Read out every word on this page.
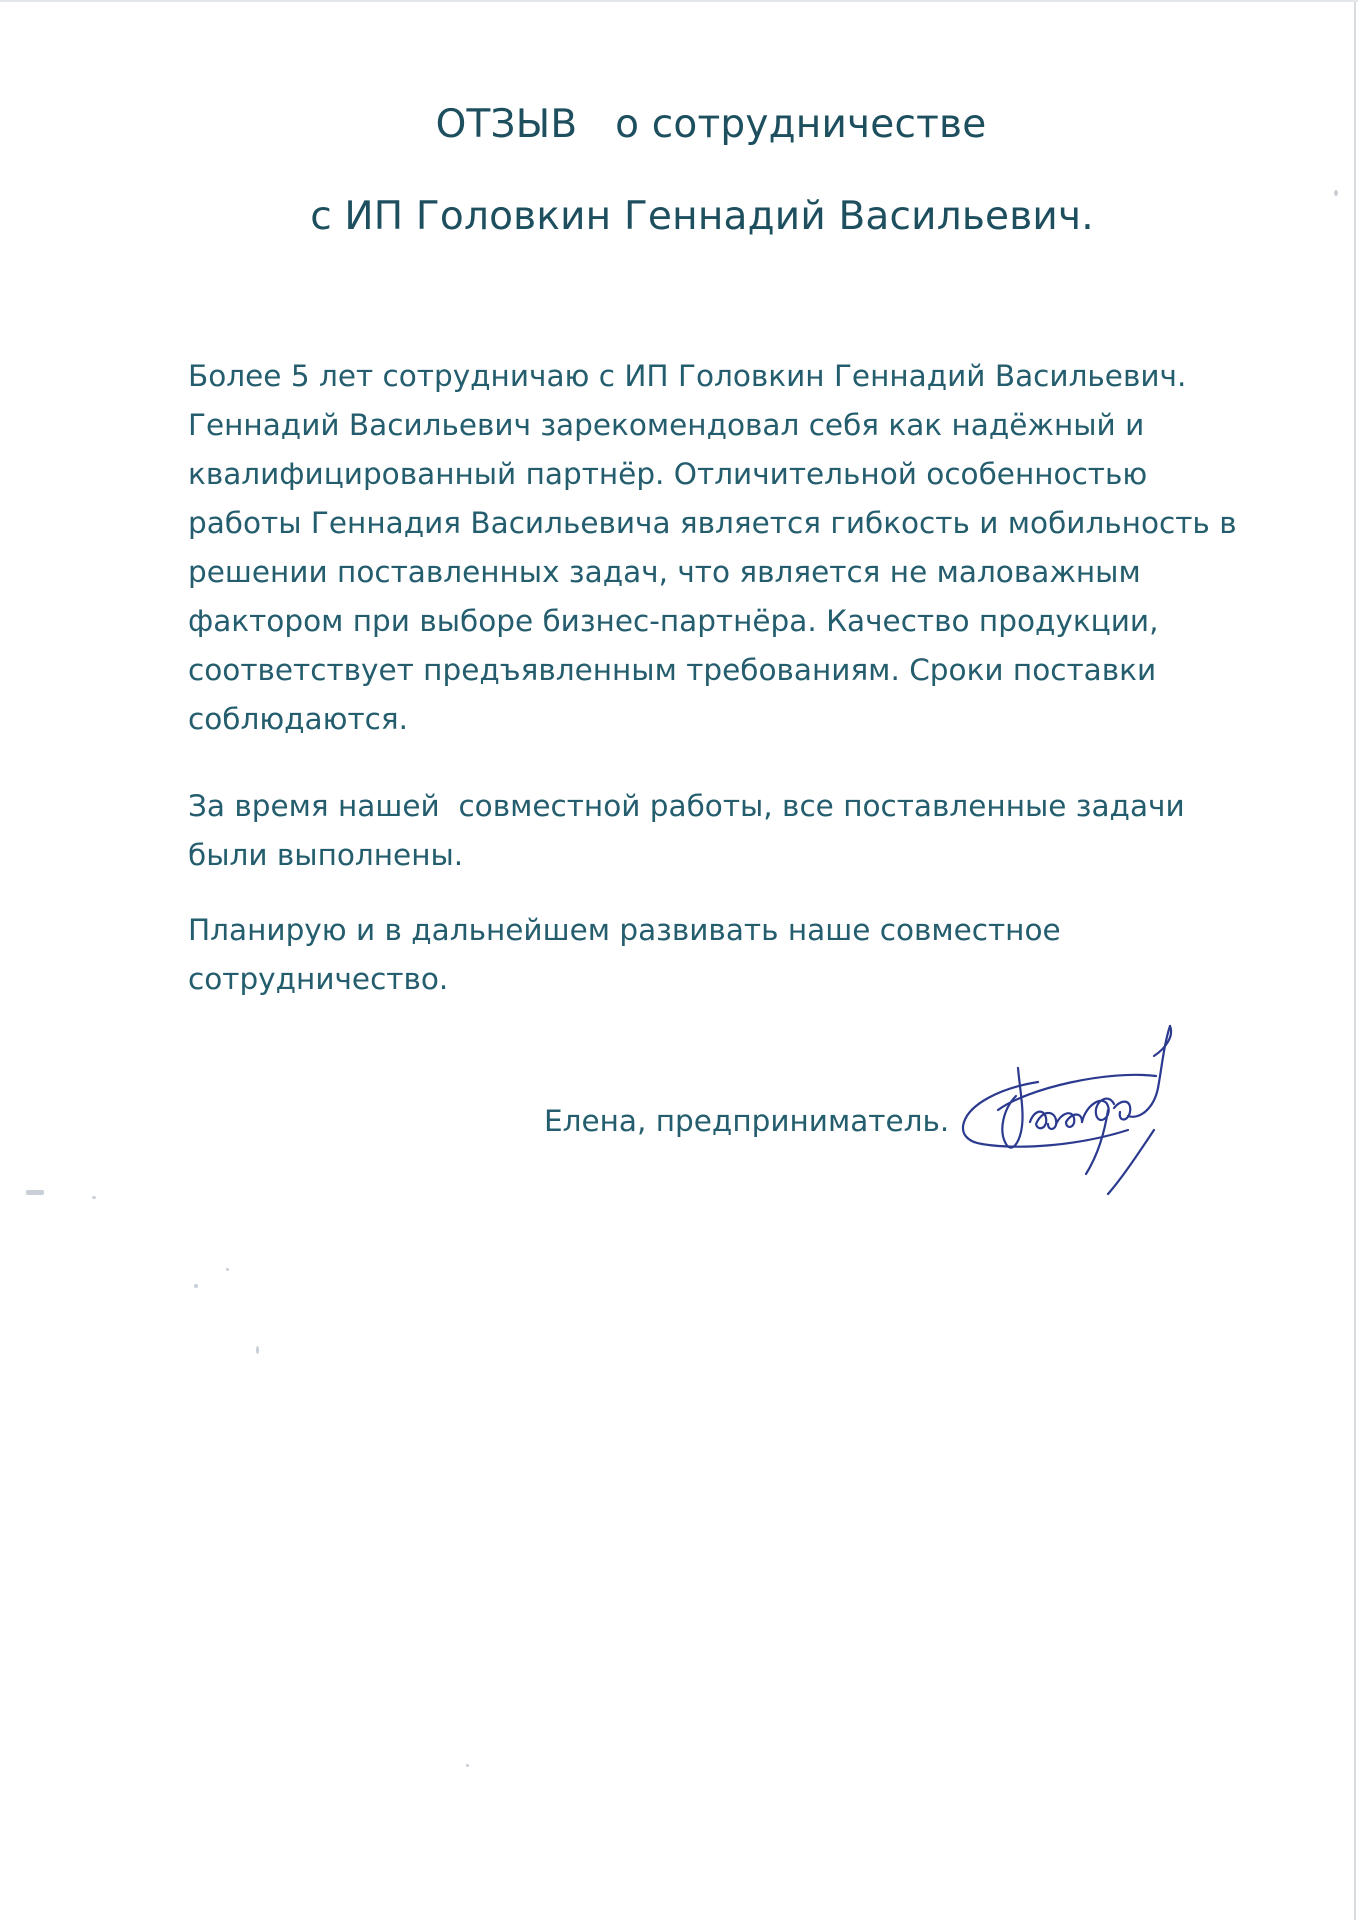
ОТЗЫВ   о сотрудничестве
с ИП Головкин Геннадий Васильевич.
Более 5 лет сотрудничаю с ИП Головкин Геннадий Васильевич.
Геннадий Васильевич зарекомендовал себя как надёжный и
квалифицированный партнёр. Отличительной особенностью
работы Геннадия Васильевича является гибкость и мобильность в
решении поставленных задач, что является не маловажным
фактором при выборе бизнес-партнёра. Качество продукции,
соответствует предъявленным требованиям. Сроки поставки
соблюдаются.
За время нашей  совместной работы, все поставленные задачи
были выполнены.
Планирую и в дальнейшем развивать наше совместное
сотрудничество.
Елена, предприниматель.
